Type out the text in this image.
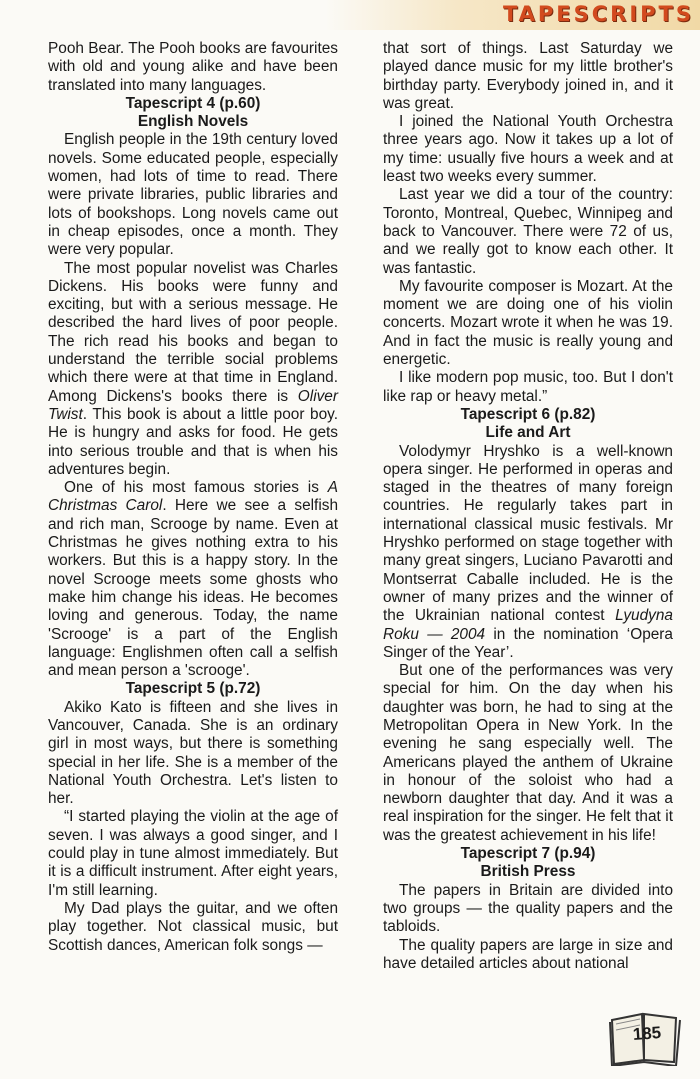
TAPESCRIPTS

Pooh Bear. The Pooh books are favourites with old and young alike and have been translated into many languages.

Tapescript 4 (p.60)
English Novels

English people in the 19th century loved novels. Some educated people, especially women, had lots of time to read. There were private libraries, public libraries and lots of bookshops. Long novels came out in cheap episodes, once a month. They were very popular.

The most popular novelist was Charles Dickens. His books were funny and exciting, but with a serious message. He described the hard lives of poor people. The rich read his books and began to understand the terrible social problems which there were at that time in England. Among Dickens's books there is Oliver Twist. This book is about a little poor boy. He is hungry and asks for food. He gets into serious trouble and that is when his adventures begin.

One of his most famous stories is A Christmas Carol. Here we see a selfish and rich man, Scrooge by name. Even at Christmas he gives nothing extra to his workers. But this is a happy story. In the novel Scrooge meets some ghosts who make him change his ideas. He becomes loving and generous. Today, the name 'Scrooge' is a part of the English language: Englishmen often call a selfish and mean person a 'scrooge'.

Tapescript 5 (p.72)

Akiko Kato is fifteen and she lives in Vancouver, Canada. She is an ordinary girl in most ways, but there is something special in her life. She is a member of the National Youth Orchestra. Let's listen to her.

“I started playing the violin at the age of seven. I was always a good singer, and I could play in tune almost immediately. But it is a difficult instrument. After eight years, I'm still learning.

My Dad plays the guitar, and we often play together. Not classical music, but Scottish dances, American folk songs —

that sort of things. Last Saturday we played dance music for my little brother's birthday party. Everybody joined in, and it was great.

I joined the National Youth Orchestra three years ago. Now it takes up a lot of my time: usually five hours a week and at least two weeks every summer.

Last year we did a tour of the country: Toronto, Montreal, Quebec, Winnipeg and back to Vancouver. There were 72 of us, and we really got to know each other. It was fantastic.

My favourite composer is Mozart. At the moment we are doing one of his violin concerts. Mozart wrote it when he was 19. And in fact the music is really young and energetic.

I like modern pop music, too. But I don't like rap or heavy metal.”

Tapescript 6 (p.82)
Life and Art

Volodymyr Hryshko is a well-known opera singer. He performed in operas and staged in the theatres of many foreign countries. He regularly takes part in international classical music festivals. Mr Hryshko performed on stage together with many great singers, Luciano Pavarotti and Montserrat Caballe included. He is the owner of many prizes and the winner of the Ukrainian national contest Lyudyna Roku — 2004 in the nomination ‘Opera Singer of the Year’.

But one of the performances was very special for him. On the day when his daughter was born, he had to sing at the Metropolitan Opera in New York. In the evening he sang especially well. The Americans played the anthem of Ukraine in honour of the soloist who had a newborn daughter that day. And it was a real inspiration for the singer. He felt that it was the greatest achievement in his life!

Tapescript 7 (p.94)
British Press

The papers in Britain are divided into two groups — the quality papers and the tabloids.

The quality papers are large in size and have detailed articles about national

185
